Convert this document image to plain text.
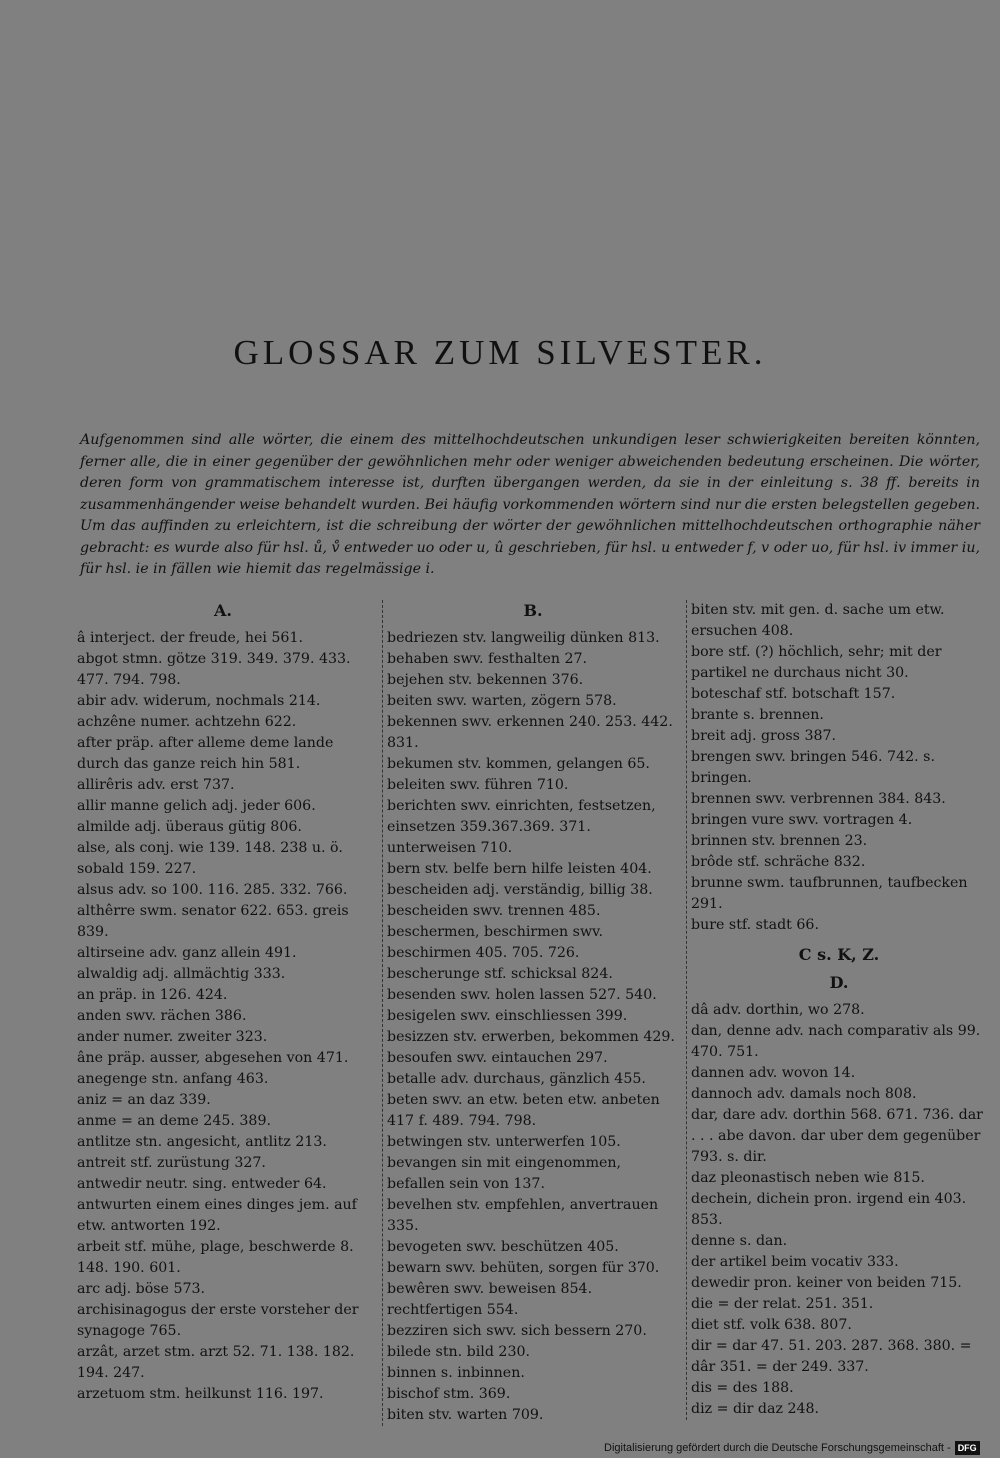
GLOSSAR ZUM SILVESTER.
Aufgenommen sind alle wörter, die einem des mittelhochdeutschen unkundigen leser schwierigkeiten bereiten könnten, ferner alle, die in einer gegenüber der gewöhnlichen mehr oder weniger abweichenden bedeutung erscheinen. Die wörter, deren form von grammatischem interesse ist, durften übergangen werden, da sie in der einleitung s. 38 ff. bereits in zusammenhängender weise behandelt wurden. Bei häufig vorkommenden wörtern sind nur die ersten belegstellen gegeben. Um das auffinden zu erleichtern, ist die schreibung der wörter der gewöhnlichen mittelhochdeutschen orthographie näher gebracht: es wurde also für hsl. ů, v̊ entweder uo oder u, û geschrieben, für hsl. u entweder f, v oder uo, für hsl. iv immer iu, für hsl. ie in fällen wie hiemit das regelmässige i.
A.
â interject. der freude, hei 561.
abgot stmn. götze 319. 349. 379. 433. 477. 794. 798.
abir adv. widerum, nochmals 214.
achzêne numer. achtzehn 622.
after präp. after alleme deme lande durch das ganze reich hin 581.
allirêris adv. erst 737.
allir manne gelich adj. jeder 606.
almilde adj. überaus gütig 806.
alse, als conj. wie 139. 148. 238 u. ö. sobald 159. 227.
alsus adv. so 100. 116. 285. 332. 766.
althêrre swm. senator 622. 653. greis 839.
altirseine adv. ganz allein 491.
alwaldig adj. allmächtig 333.
an präp. in 126. 424.
anden swv. rächen 386.
ander numer. zweiter 323.
âne präp. ausser, abgesehen von 471.
anegenge stn. anfang 463.
aniz = an daz 339.
anme = an deme 245. 389.
antlitze stn. angesicht, antlitz 213.
antreit stf. zurüstung 327.
antwedir neutr. sing. entweder 64.
antwurten einem eines dinges jem. auf etw. antworten 192.
arbeit stf. mühe, plage, beschwerde 8. 148. 190. 601.
arc adj. böse 573.
archisinagogus der erste vorsteher der synagoge 765.
arzât, arzet stm. arzt 52. 71. 138. 182. 194. 247.
arzetuom stm. heilkunst 116. 197.
B.
bedriezen stv. langweilig dünken 813.
behaben swv. festhalten 27.
bejehen stv. bekennen 376.
beiten swv. warten, zögern 578.
bekennen swv. erkennen 240. 253. 442. 831.
bekumen stv. kommen, gelangen 65.
beleiten swv. führen 710.
berichten swv. einrichten, festsetzen, einsetzen 359.367.369. 371. unterweisen 710.
bern stv. belfe bern hilfe leisten 404.
bescheiden adj. verständig, billig 38.
bescheiden swv. trennen 485.
beschermen, beschirmen swv. beschirmen 405. 705. 726.
bescherunge stf. schicksal 824.
besenden swv. holen lassen 527. 540.
besigelen swv. einschliessen 399.
besizzen stv. erwerben, bekommen 429.
besoufen swv. eintauchen 297.
betalle adv. durchaus, gänzlich 455.
beten swv. an etw. beten etw. anbeten 417 f. 489. 794. 798.
betwingen stv. unterwerfen 105.
bevangen sin mit eingenommen, befallen sein von 137.
bevelhen stv. empfehlen, anvertrauen 335.
bevogeten swv. beschützen 405.
bewarn swv. behüten, sorgen für 370.
bewêren swv. beweisen 854. rechtfertigen 554.
bezziren sich swv. sich bessern 270.
bilede stn. bild 230.
binnen s. inbinnen.
bischof stm. 369.
biten stv. warten 709.
biten stv. mit gen. d. sache um etw. ersuchen 408.
bore stf. (?) höchlich, sehr; mit der partikel ne durchaus nicht 30.
boteschaf stf. botschaft 157.
brante s. brennen.
breit adj. gross 387.
brengen swv. bringen 546. 742. s. bringen.
brennen swv. verbrennen 384. 843.
bringen vure swv. vortragen 4.
brinnen stv. brennen 23.
brôde stf. schräche 832.
brunne swm. taufbrunnen, taufbecken 291.
bure stf. stadt 66.
C s. K, Z.
D.
dâ adv. dorthin, wo 278.
dan, denne adv. nach comparativ als 99. 470. 751.
dannen adv. wovon 14.
dannoch adv. damals noch 808.
dar, dare adv. dorthin 568. 671. 736. dar . . . abe davon. dar uber dem gegenüber 793. s. dir.
daz pleonastisch neben wie 815.
dechein, dichein pron. irgend ein 403. 853.
denne s. dan.
der artikel beim vocativ 333.
dewedir pron. keiner von beiden 715.
die = der relat. 251. 351.
diet stf. volk 638. 807.
dir = dar 47. 51. 203. 287. 368. 380. = dâr 351. = der 249. 337.
dis = des 188.
diz = dir daz 248.
Digitalisierung gefördert durch die Deutsche Forschungsgemeinschaft - DFG
